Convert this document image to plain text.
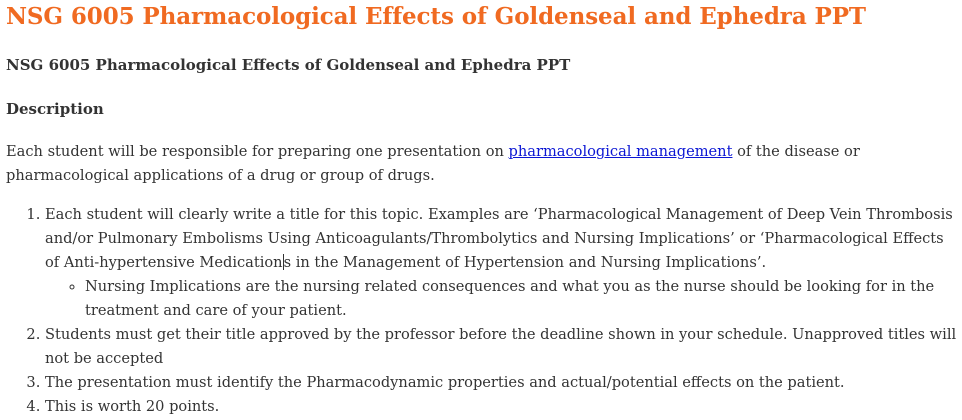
NSG 6005 Pharmacological Effects of Goldenseal and Ephedra PPT
NSG 6005 Pharmacological Effects of Goldenseal and Ephedra PPT
Description

Each student will be responsible for preparing one presentation on pharmacological management of the disease or pharmacological applications of a drug or group of drugs.

1. Each student will clearly write a title for this topic. Examples are ‘Pharmacological Management of Deep Vein Thrombosis and/or Pulmonary Embolisms Using Anticoagulants/Thrombolytics and Nursing Implications’ or ‘Pharmacological Effects of Anti-hypertensive Medications in the Management of Hypertension and Nursing Implications’.
◦ Nursing Implications are the nursing related consequences and what you as the nurse should be looking for in the treatment and care of your patient.
2. Students must get their title approved by the professor before the deadline shown in your schedule. Unapproved titles will not be accepted
3. The presentation must identify the Pharmacodynamic properties and actual/potential effects on the patient.
4. This is worth 20 points.
